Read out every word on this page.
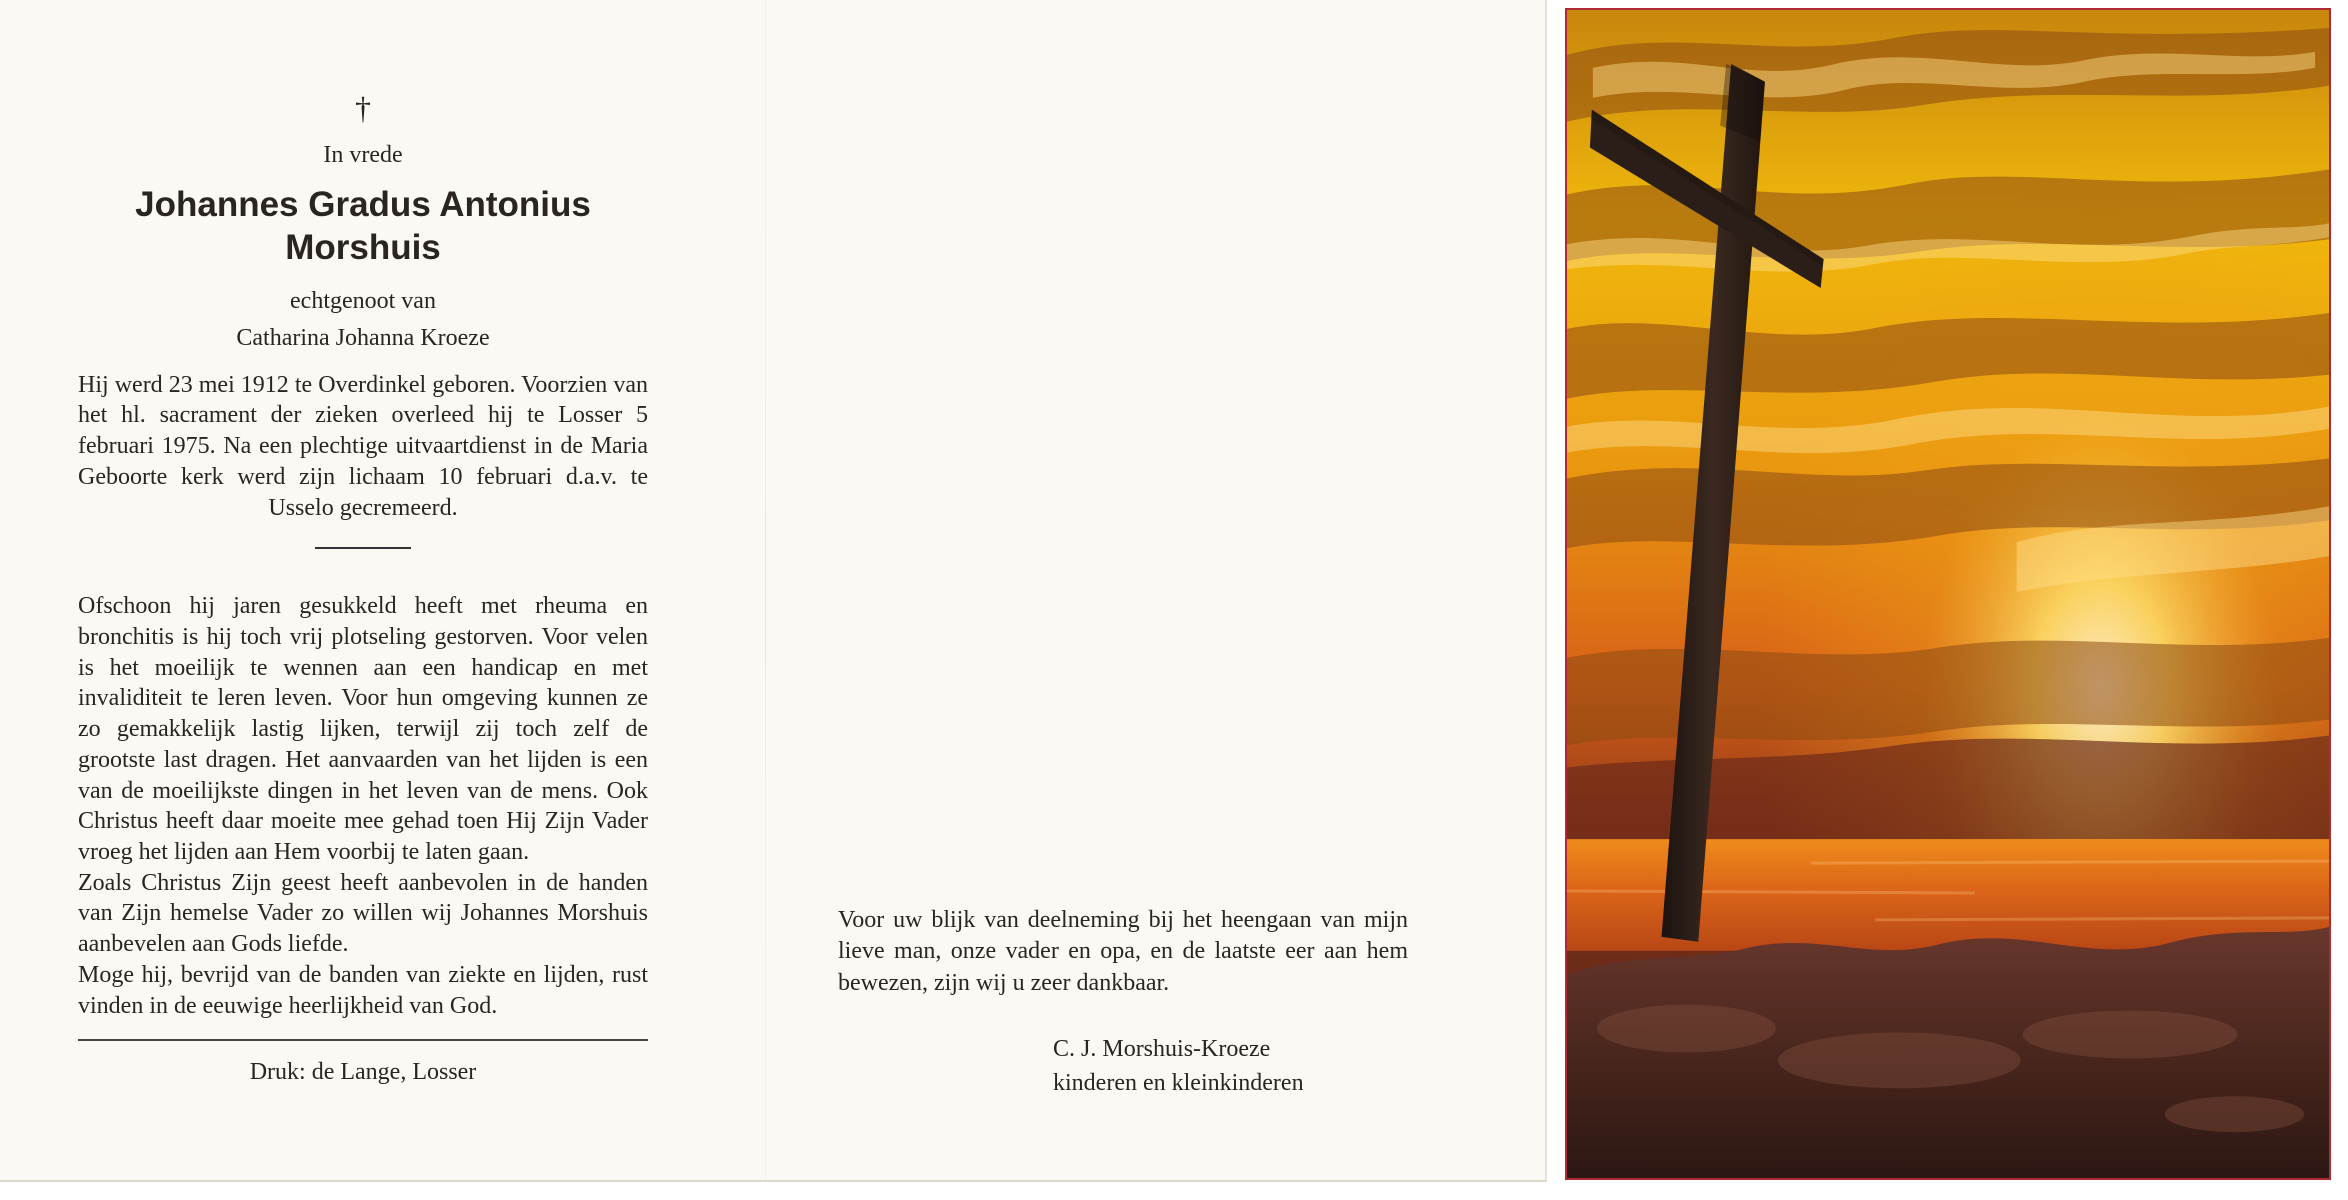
†
In vrede
Johannes Gradus Antonius
Morshuis
echtgenoot van
Catharina Johanna Kroeze
Hij werd 23 mei 1912 te Overdinkel geboren. Voorzien van het hl. sacrament der zieken overleed hij te Losser 5 februari 1975. Na een plechtige uitvaartdienst in de Maria Geboorte kerk werd zijn lichaam 10 februari d.a.v. te Usselo gecremeerd.

Ofschoon hij jaren gesukkeld heeft met rheuma en bronchitis is hij toch vrij plotseling gestorven. Voor velen is het moeilijk te wennen aan een handicap en met invaliditeit te leren leven. Voor hun omgeving kunnen ze zo gemakkelijk lastig lijken, terwijl zij toch zelf de grootste last dragen. Het aanvaarden van het lijden is een van de moeilijkste dingen in het leven van de mens. Ook Christus heeft daar moeite mee gehad toen Hij Zijn Vader vroeg het lijden aan Hem voorbij te laten gaan.

Zoals Christus Zijn geest heeft aanbevolen in de handen van Zijn hemelse Vader zo willen wij Johannes Morshuis aanbevelen aan Gods liefde.

Moge hij, bevrijd van de banden van ziekte en lijden, rust vinden in de eeuwige heerlijkheid van God.

Druk: de Lange, Losser
Voor uw blijk van deelneming bij het heengaan van mijn lieve man, onze vader en opa, en de laatste eer aan hem bewezen, zijn wij u zeer dankbaar.
C. J. Morshuis-Kroeze
kinderen en kleinkinderen
